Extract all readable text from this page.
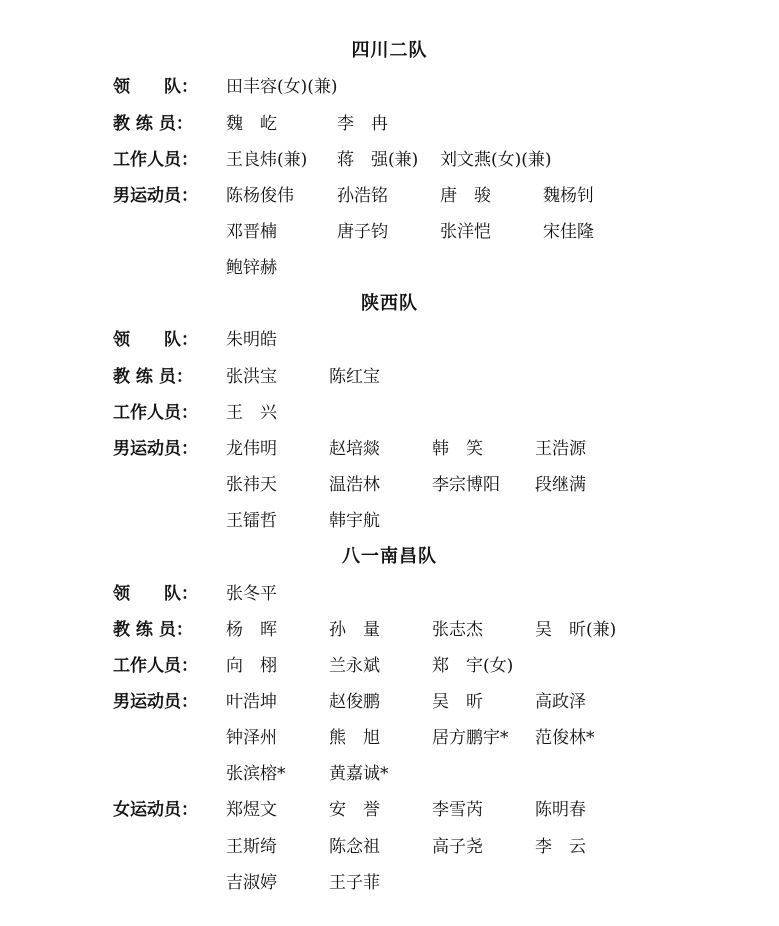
四川二队
领　　队： 田丰容(女)(兼)
教 练 员： 魏　屹	李　冉
工作人员： 王良炜(兼) 蒋　强(兼) 刘文燕(女)(兼)
男运动员： 陈杨俊伟	孙浩铭	唐　骏	魏杨钊
邓晋楠	唐子钧	张洋恺	宋佳隆
鲍锌赫
陕西队
领　　队： 朱明皓
教 练 员： 张洪宝	陈红宝
工作人员： 王　兴
男运动员： 龙伟明	赵培燚	韩　笑	王浩源
张祎天	温浩林	李宗博阳 段继满
王镭哲	韩宇航
八一南昌队
领　　队： 张冬平
教 练 员： 杨　晖	孙　量	张志杰	吴　昕(兼)
工作人员： 向　栩	兰永斌	郑　宇(女)
男运动员： 叶浩坤	赵俊鹏	吴　昕	高政泽
钟泽州	熊　旭	居方鹏宇* 范俊林*
张滨榕*	黄嘉诚*
女运动员： 郑煜文	安　誉	李雪芮	陈明春
王斯绮	陈念祖	高子尧	李　云
吉淑婷	王子菲
